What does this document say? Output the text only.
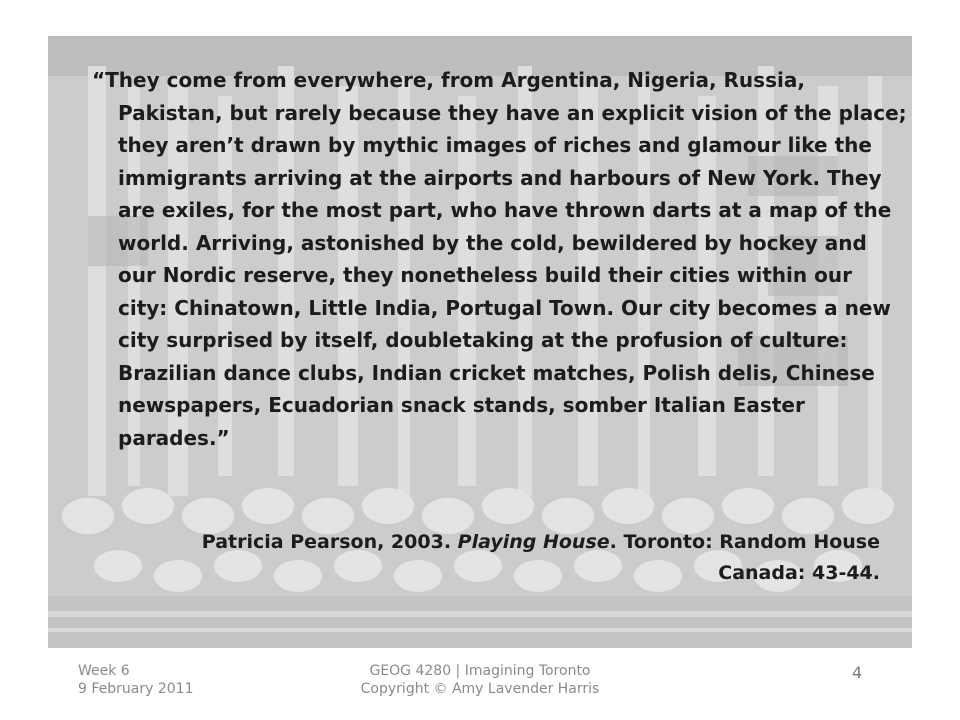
“They come from everywhere, from Argentina, Nigeria, Russia, Pakistan, but rarely because they have an explicit vision of the place; they aren’t drawn by mythic images of riches and glamour like the immigrants arriving at the airports and harbours of New York. They are exiles, for the most part, who have thrown darts at a map of the world. Arriving, astonished by the cold, bewildered by hockey and our Nordic reserve, they nonetheless build their cities within our city: Chinatown, Little India, Portugal Town. Our city becomes a new city surprised by itself, doubletaking at the profusion of culture: Brazilian dance clubs, Indian cricket matches, Polish delis, Chinese newspapers, Ecuadorian snack stands, somber Italian Easter parades.”

Patricia Pearson, 2003. Playing House. Toronto: Random House Canada: 43-44.

Week 6
9 February 2011
GEOG 4280 | Imagining Toronto
Copyright © Amy Lavender Harris
4
